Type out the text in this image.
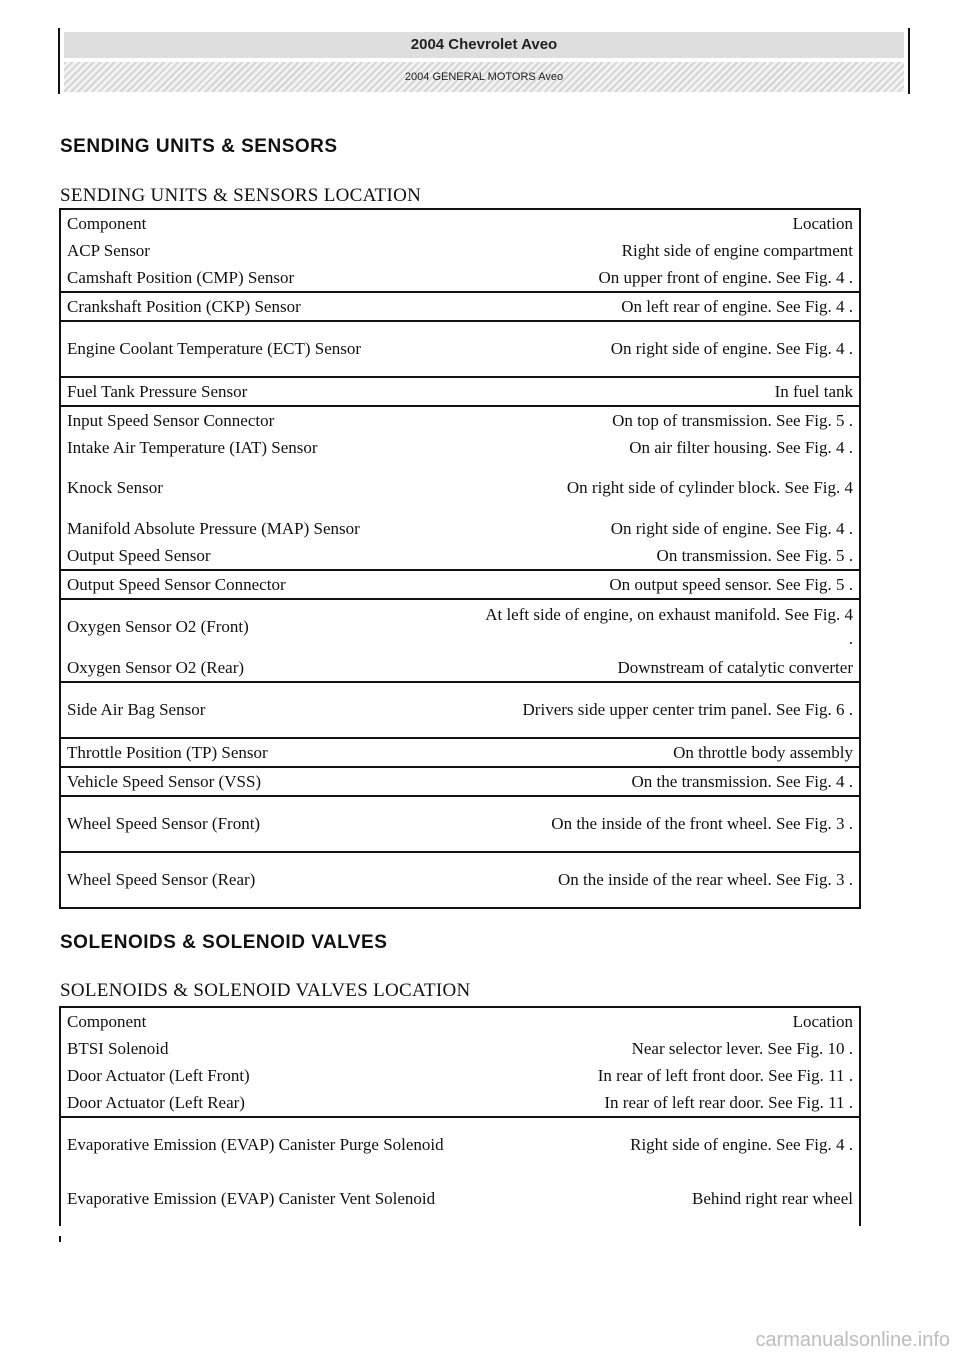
2004 Chevrolet Aveo
2004 GENERAL MOTORS Aveo
SENDING UNITS & SENSORS
SENDING UNITS & SENSORS LOCATION
Component	Location
ACP Sensor	Right side of engine compartment
Camshaft Position (CMP) Sensor	On upper front of engine. See Fig. 4 .
Crankshaft Position (CKP) Sensor	On left rear of engine. See Fig. 4 .
Engine Coolant Temperature (ECT) Sensor	On right side of engine. See Fig. 4 .
Fuel Tank Pressure Sensor	In fuel tank
Input Speed Sensor Connector	On top of transmission. See Fig. 5 .
Intake Air Temperature (IAT) Sensor	On air filter housing. See Fig. 4 .
Knock Sensor	On right side of cylinder block. See Fig. 4
Manifold Absolute Pressure (MAP) Sensor	On right side of engine. See Fig. 4 .
Output Speed Sensor	On transmission. See Fig. 5 .
Output Speed Sensor Connector	On output speed sensor. See Fig. 5 .
Oxygen Sensor O2 (Front)	At left side of engine, on exhaust manifold. See Fig. 4 .
Oxygen Sensor O2 (Rear)	Downstream of catalytic converter
Side Air Bag Sensor	Drivers side upper center trim panel. See Fig. 6 .
Throttle Position (TP) Sensor	On throttle body assembly
Vehicle Speed Sensor (VSS)	On the transmission. See Fig. 4 .
Wheel Speed Sensor (Front)	On the inside of the front wheel. See Fig. 3 .
Wheel Speed Sensor (Rear)	On the inside of the rear wheel. See Fig. 3 .
SOLENOIDS & SOLENOID VALVES
SOLENOIDS & SOLENOID VALVES LOCATION
Component	Location
BTSI Solenoid	Near selector lever. See Fig. 10 .
Door Actuator (Left Front)	In rear of left front door. See Fig. 11 .
Door Actuator (Left Rear)	In rear of left rear door. See Fig. 11 .
Evaporative Emission (EVAP) Canister Purge Solenoid	Right side of engine. See Fig. 4 .
Evaporative Emission (EVAP) Canister Vent Solenoid	Behind right rear wheel
carmanualsonline.info
